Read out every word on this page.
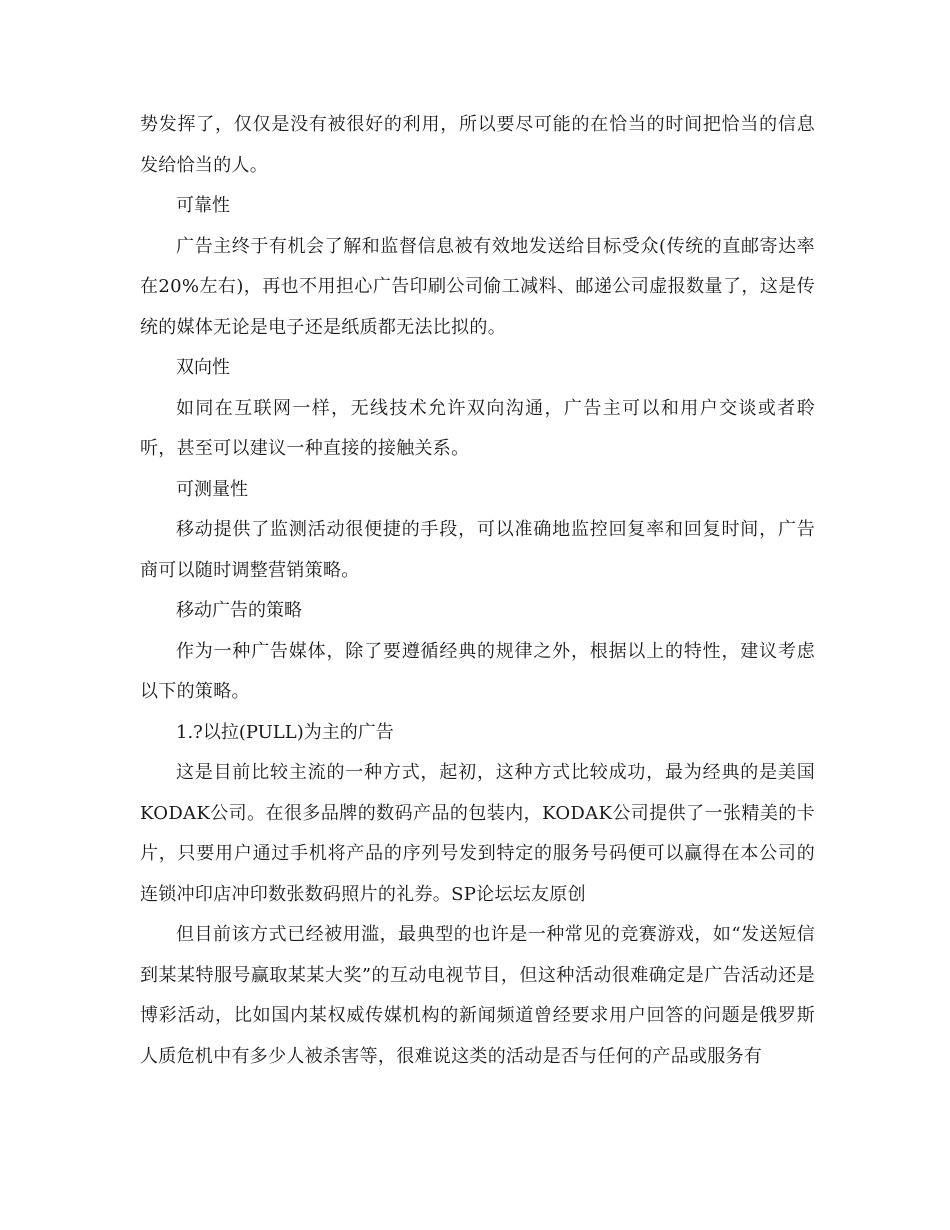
势发挥了，仅仅是没有被很好的利用，所以要尽可能的在恰当的时间把恰当的信息发给恰当的人。

可靠性

广告主终于有机会了解和监督信息被有效地发送给目标受众(传统的直邮寄达率在20%左右)，再也不用担心广告印刷公司偷工减料、邮递公司虚报数量了，这是传统的媒体无论是电子还是纸质都无法比拟的。

双向性

如同在互联网一样，无线技术允许双向沟通，广告主可以和用户交谈或者聆听，甚至可以建议一种直接的接触关系。

可测量性

移动提供了监测活动很便捷的手段，可以准确地监控回复率和回复时间，广告商可以随时调整营销策略。

移动广告的策略

作为一种广告媒体，除了要遵循经典的规律之外，根据以上的特性，建议考虑以下的策略。

1.?以拉(PULL)为主的广告

这是目前比较主流的一种方式，起初，这种方式比较成功，最为经典的是美国KODAK公司。在很多品牌的数码产品的包装内，KODAK公司提供了一张精美的卡片，只要用户通过手机将产品的序列号发到特定的服务号码便可以赢得在本公司的连锁冲印店冲印数张数码照片的礼券。SP论坛坛友原创

但目前该方式已经被用滥，最典型的也许是一种常见的竞赛游戏，如“发送短信到某某特服号赢取某某大奖”的互动电视节目，但这种活动很难确定是广告活动还是博彩活动，比如国内某权威传媒机构的新闻频道曾经要求用户回答的问题是俄罗斯人质危机中有多少人被杀害等，很难说这类的活动是否与任何的产品或服务有
